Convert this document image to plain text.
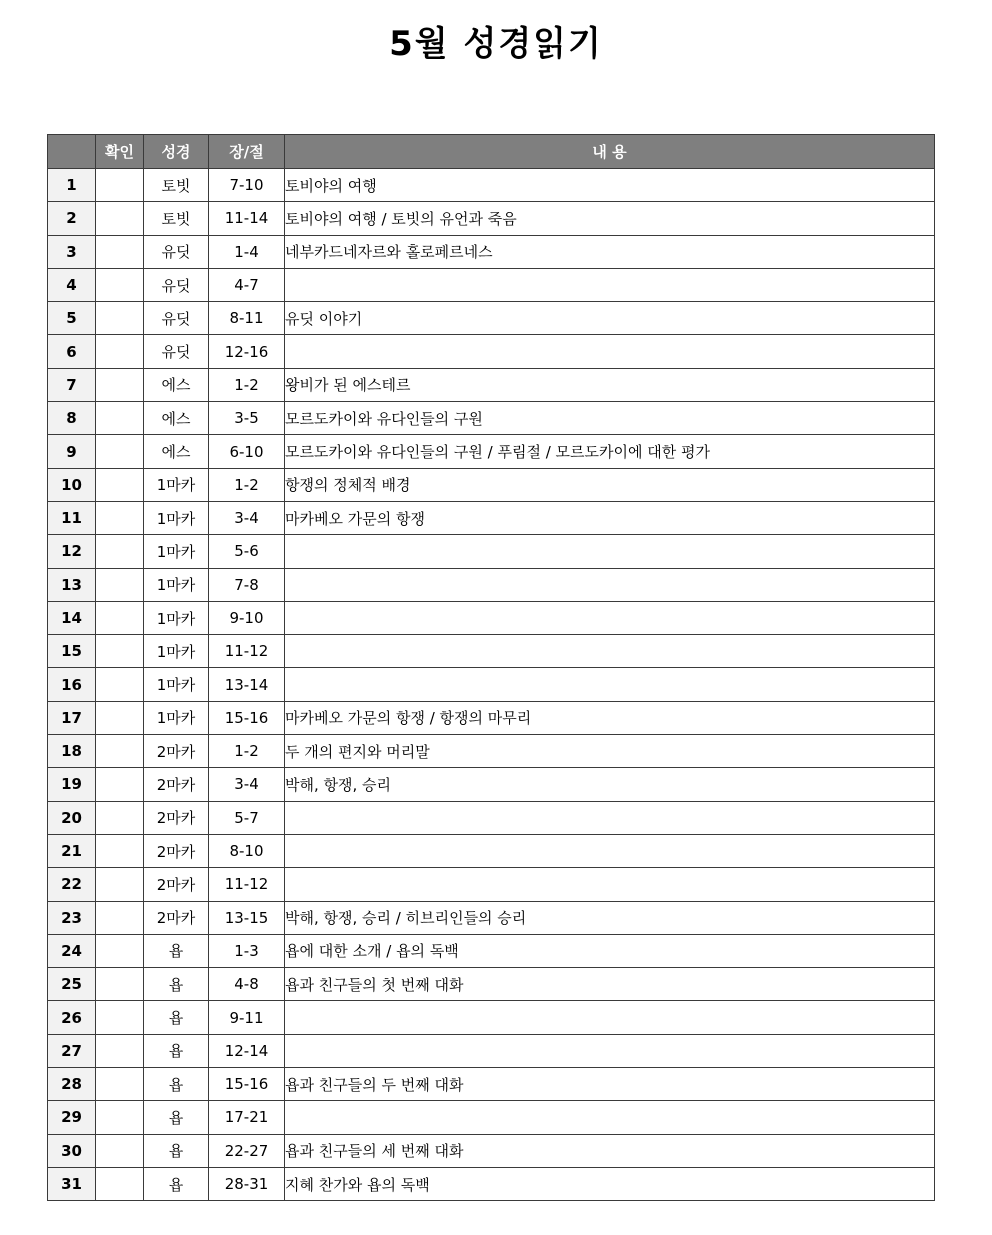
5월 성경읽기
	확인	성경	장/절	내 용
1		토빗	7-10	토비야의 여행
2		토빗	11-14	토비야의 여행 / 토빗의 유언과 죽음
3		유딧	1-4	네부카드네자르와 홀로페르네스
4		유딧	4-7	
5		유딧	8-11	유딧 이야기
6		유딧	12-16	
7		에스	1-2	왕비가 된 에스테르
8		에스	3-5	모르도카이와 유다인들의 구원
9		에스	6-10	모르도카이와 유다인들의 구원 / 푸림절 / 모르도카이에 대한 평가
10		1마카	1-2	항쟁의 정체적 배경
11		1마카	3-4	마카베오 가문의 항쟁
12		1마카	5-6	
13		1마카	7-8	
14		1마카	9-10	
15		1마카	11-12	
16		1마카	13-14	
17		1마카	15-16	마카베오 가문의 항쟁 / 항쟁의 마무리
18		2마카	1-2	두 개의 편지와 머리말
19		2마카	3-4	박해, 항쟁, 승리
20		2마카	5-7	
21		2마카	8-10	
22		2마카	11-12	
23		2마카	13-15	박해, 항쟁, 승리 / 히브리인들의 승리
24		욥	1-3	욥에 대한 소개 / 욥의 독백
25		욥	4-8	욥과 친구들의 첫 번째 대화
26		욥	9-11	
27		욥	12-14	
28		욥	15-16	욥과 친구들의 두 번째 대화
29		욥	17-21	
30		욥	22-27	욥과 친구들의 세 번째 대화
31		욥	28-31	지혜 찬가와 욥의 독백
